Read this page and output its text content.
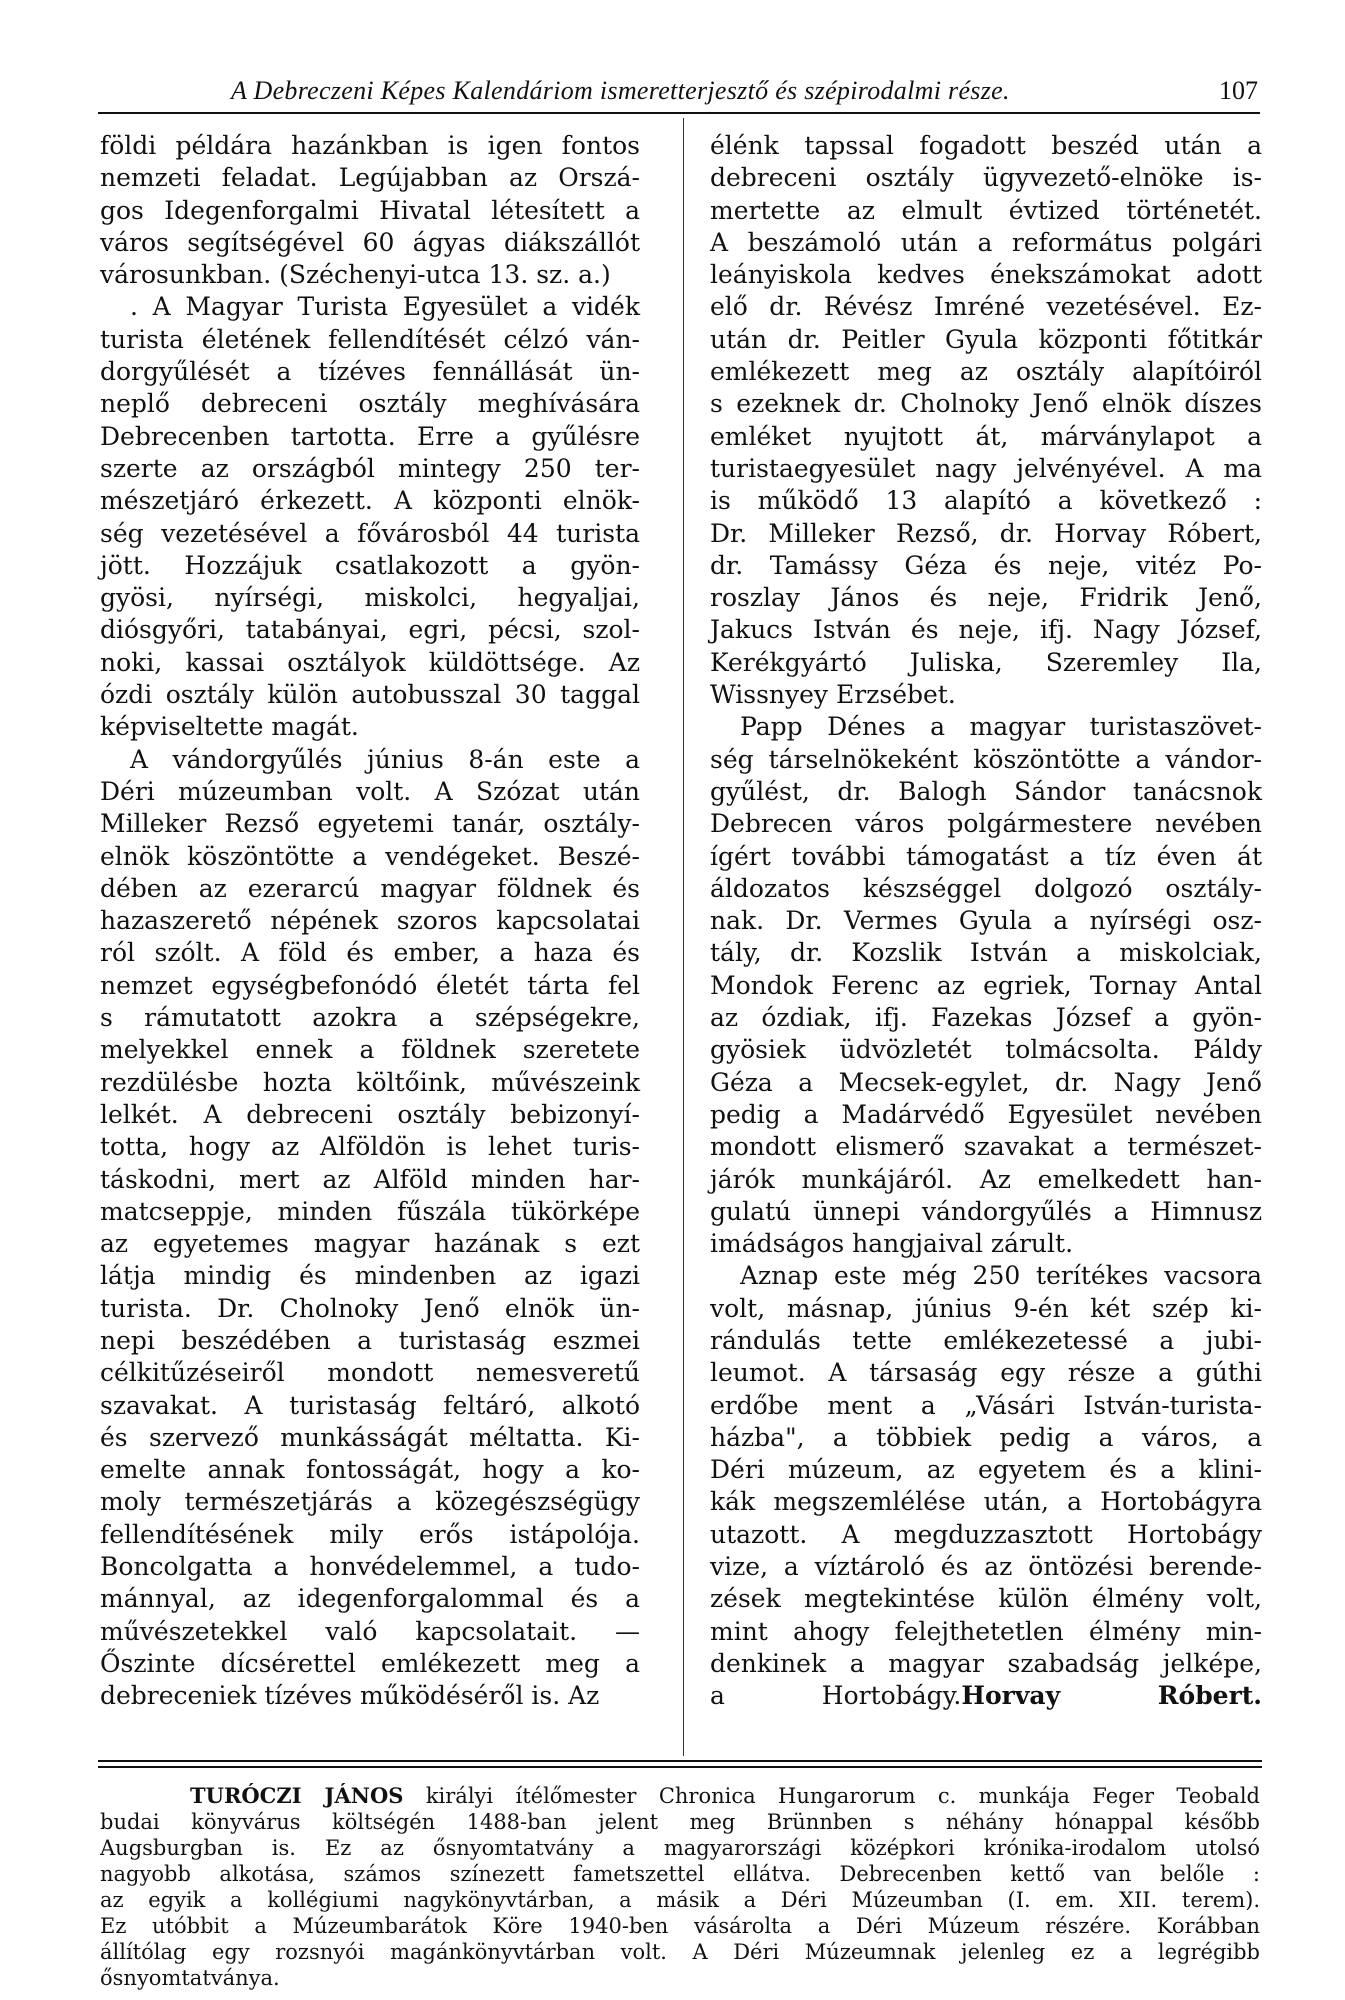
A Debreczeni Képes Kalendáriom ismeretterjesztő és szépirodalmi része.	107
földi példára hazánkban is igen fontos
nemzeti feladat. Legújabban az Orszá-
gos Idegenforgalmi Hivatal létesített a
város segítségével 60 ágyas diákszállót
városunkban. (Széchenyi-utca 13. sz. a.)
. A Magyar Turista Egyesület a vidék
turista életének fellendítését célzó ván-
dorgyűlését a tízéves fennállását ün-
neplő debreceni osztály meghívására
Debrecenben tartotta. Erre a gyűlésre
szerte az országból mintegy 250 ter-
mészetjáró érkezett. A központi elnök-
ség vezetésével a fővárosból 44 turista
jött. Hozzájuk csatlakozott a gyön-
gyösi, nyírségi, miskolci, hegyaljai,
diósgyőri, tatabányai, egri, pécsi, szol-
noki, kassai osztályok küldöttsége. Az
ózdi osztály külön autobusszal 30 taggal
képviseltette magát.
A vándorgyűlés június 8-án este a
Déri múzeumban volt. A Szózat után
Milleker Rezső egyetemi tanár, osztály-
elnök köszöntötte a vendégeket. Beszé-
dében az ezerarcú magyar földnek és
hazaszerető népének szoros kapcsolatai
ról szólt. A föld és ember, a haza és
nemzet egységbefonódó életét tárta fel
s rámutatott azokra a szépségekre,
melyekkel ennek a földnek szeretete
rezdülésbe hozta költőink, művészeink
lelkét. A debreceni osztály bebizonyí-
totta, hogy az Alföldön is lehet turis-
táskodni, mert az Alföld minden har-
matcseppje, minden fűszála tükörképe
az egyetemes magyar hazának s ezt
látja mindig és mindenben az igazi
turista. Dr. Cholnoky Jenő elnök ün-
nepi beszédében a turistaság eszmei
célkitűzéseiről mondott nemesveretű
szavakat. A turistaság feltáró, alkotó
és szervező munkásságát méltatta. Ki-
emelte annak fontosságát, hogy a ko-
moly természetjárás a közegészségügy
fellendítésének mily erős istápolója.
Boncolgatta a honvédelemmel, a tudo-
mánnyal, az idegenforgalommal és a
művészetekkel való kapcsolatait. —
Őszinte dícsérettel emlékezett meg a
debreceniek tízéves működéséről is. Az
élénk tapssal fogadott beszéd után a
debreceni osztály ügyvezető-elnöke is-
mertette az elmult évtized történetét.
A beszámoló után a református polgári
leányiskola kedves énekszámokat adott
elő dr. Révész Imréné vezetésével. Ez-
után dr. Peitler Gyula központi főtitkár
emlékezett meg az osztály alapítóiról
s ezeknek dr. Cholnoky Jenő elnök díszes
emléket nyujtott át, márványlapot a
turistaegyesület nagy jelvényével. A ma
is működő 13 alapító a következő :
Dr. Milleker Rezső, dr. Horvay Róbert,
dr. Tamássy Géza és neje, vitéz Po-
roszlay János és neje, Fridrik Jenő,
Jakucs István és neje, ifj. Nagy József,
Kerékgyártó Juliska, Szeremley Ila,
Wissnyey Erzsébet.
Papp Dénes a magyar turistaszövet-
ség társelnökeként köszöntötte a vándor-
gyűlést, dr. Balogh Sándor tanácsnok
Debrecen város polgármestere nevében
ígért további támogatást a tíz éven át
áldozatos készséggel dolgozó osztály-
nak. Dr. Vermes Gyula a nyírségi osz-
tály, dr. Kozslik István a miskolciak,
Mondok Ferenc az egriek, Tornay Antal
az ózdiak, ifj. Fazekas József a gyön-
gyösiek üdvözletét tolmácsolta. Páldy
Géza a Mecsek-egylet, dr. Nagy Jenő
pedig a Madárvédő Egyesület nevében
mondott elismerő szavakat a természet-
járók munkájáról. Az emelkedett han-
gulatú ünnepi vándorgyűlés a Himnusz
imádságos hangjaival zárult.
Aznap este még 250 terítékes vacsora
volt, másnap, június 9-én két szép ki-
rándulás tette emlékezetessé a jubi-
leumot. A társaság egy része a gúthi
erdőbe ment a „Vásári István-turista-
házba", a többiek pedig a város, a
Déri múzeum, az egyetem és a klini-
kák megszemlélése után, a Hortobágyra
utazott. A megduzzasztott Hortobágy
vize, a víztároló és az öntözési berende-
zések megtekintése külön élmény volt,
mint ahogy felejthetetlen élmény min-
denkinek a magyar szabadság jelképe,
a Hortobágy.Horvay Róbert.
TURÓCZI JÁNOS királyi ítélőmester Chronica Hungarorum c. munkája Feger Teobald
budai könyvárus költségén 1488-ban jelent meg Brünnben s néhány hónappal később
Augsburgban is. Ez az ősnyomtatvány a magyarországi középkori krónika-irodalom utolsó
nagyobb alkotása, számos színezett fametszettel ellátva. Debrecenben kettő van belőle :
az egyik a kollégiumi nagykönyvtárban, a másik a Déri Múzeumban (I. em. XII. terem).
Ez utóbbit a Múzeumbarátok Köre 1940-ben vásárolta a Déri Múzeum részére. Korábban
állítólag egy rozsnyói magánkönyvtárban volt. A Déri Múzeumnak jelenleg ez a legrégibb
ősnyomtatványa.
